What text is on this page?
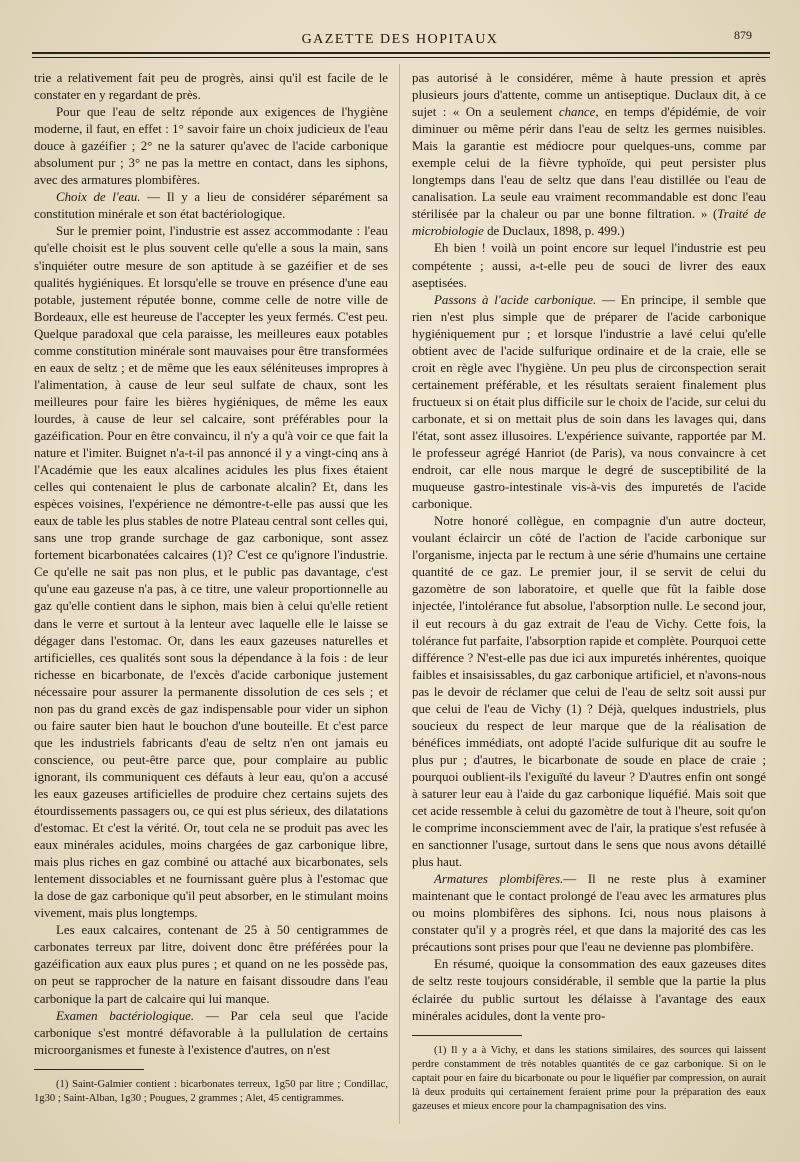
GAZETTE DES HOPITAUX	879

trie a relativement fait peu de progrès, ainsi qu'il est facile de le constater en y regardant de près.

Pour que l'eau de seltz réponde aux exigences de l'hygiène moderne, il faut, en effet : 1° savoir faire un choix judicieux de l'eau douce à gazéifier ; 2° ne la saturer qu'avec de l'acide carbonique absolument pur ; 3° ne pas la mettre en contact, dans les siphons, avec des armatures plombifères.

Choix de l'eau. — Il y a lieu de considérer séparément sa constitution minérale et son état bactériologique.

Sur le premier point, l'industrie est assez accommodante : l'eau qu'elle choisit est le plus souvent celle qu'elle a sous la main, sans s'inquiéter outre mesure de son aptitude à se gazéifier et de ses qualités hygiéniques. Et lorsqu'elle se trouve en présence d'une eau potable, justement réputée bonne, comme celle de notre ville de Bordeaux, elle est heureuse de l'accepter les yeux fermés. C'est peu. Quelque paradoxal que cela paraisse, les meilleures eaux potables comme constitution minérale sont mauvaises pour être transformées en eaux de seltz ; et de même que les eaux séléniteuses impropres à l'alimentation, à cause de leur seul sulfate de chaux, sont les meilleures pour faire les bières hygiéniques, de même les eaux lourdes, à cause de leur sel calcaire, sont préférables pour la gazéification. Pour en être convaincu, il n'y a qu'à voir ce que fait la nature et l'imiter. Buignet n'a-t-il pas annoncé il y a vingt-cinq ans à l'Académie que les eaux alcalines acidules les plus fixes étaient celles qui contenaient le plus de carbonate alcalin? Et, dans les espèces voisines, l'expérience ne démontre-t-elle pas aussi que les eaux de table les plus stables de notre Plateau central sont celles qui, sans une trop grande surchage de gaz carbonique, sont assez fortement bicarbonatées calcaires (1)? C'est ce qu'ignore l'industrie. Ce qu'elle ne sait pas non plus, et le public pas davantage, c'est qu'une eau gazeuse n'a pas, à ce titre, une valeur proportionnelle au gaz qu'elle contient dans le siphon, mais bien à celui qu'elle retient dans le verre et surtout à la lenteur avec laquelle elle le laisse se dégager dans l'estomac. Or, dans les eaux gazeuses naturelles et artificielles, ces qualités sont sous la dépendance à la fois : de leur richesse en bicarbonate, de l'excès d'acide carbonique justement nécessaire pour assurer la permanente dissolution de ces sels ; et non pas du grand excès de gaz indispensable pour vider un siphon ou faire sauter bien haut le bouchon d'une bouteille. Et c'est parce que les industriels fabricants d'eau de seltz n'en ont jamais eu conscience, ou peut-être parce que, pour complaire au public ignorant, ils communiquent ces défauts à leur eau, qu'on a accusé les eaux gazeuses artificielles de produire chez certains sujets des étourdissements passagers ou, ce qui est plus sérieux, des dilatations d'estomac. Et c'est la vérité. Or, tout cela ne se produit pas avec les eaux minérales acidules, moins chargées de gaz carbonique libre, mais plus riches en gaz combiné ou attaché aux bicarbonates, sels lentement dissociables et ne fournissant guère plus à l'estomac que la dose de gaz carbonique qu'il peut absorber, en le stimulant moins vivement, mais plus longtemps.

Les eaux calcaires, contenant de 25 à 50 centigrammes de carbonates terreux par litre, doivent donc être préférées pour la gazéification aux eaux plus pures ; et quand on ne les possède pas, on peut se rapprocher de la nature en faisant dissoudre dans l'eau carbonique la part de calcaire qui lui manque.

Examen bactériologique. — Par cela seul que l'acide carbonique s'est montré défavorable à la pullulation de certains microorganismes et funeste à l'existence d'autres, on n'est

(1) Saint-Galmier contient : bicarbonates terreux, 1g50 par litre ; Condillac, 1g30 ; Saint-Alban, 1g30 ; Pougues, 2 grammes ; Alet, 45 centigrammes.

pas autorisé à le considérer, même à haute pression et après plusieurs jours d'attente, comme un antiseptique. Duclaux dit, à ce sujet : « On a seulement chance, en temps d'épidémie, de voir diminuer ou même périr dans l'eau de seltz les germes nuisibles. Mais la garantie est médiocre pour quelques-uns, comme par exemple celui de la fièvre typhoïde, qui peut persister plus longtemps dans l'eau de seltz que dans l'eau distillée ou l'eau de canalisation. La seule eau vraiment recommandable est donc l'eau stérilisée par la chaleur ou par une bonne filtration. » (Traité de microbiologie de Duclaux, 1898, p. 499.)

Eh bien ! voilà un point encore sur lequel l'industrie est peu compétente ; aussi, a-t-elle peu de souci de livrer des eaux aseptisées.

Passons à l'acide carbonique. — En principe, il semble que rien n'est plus simple que de préparer de l'acide carbonique hygiéniquement pur ; et lorsque l'industrie a lavé celui qu'elle obtient avec de l'acide sulfurique ordinaire et de la craie, elle se croit en règle avec l'hygiène. Un peu plus de circonspection serait certainement préférable, et les résultats seraient finalement plus fructueux si on était plus difficile sur le choix de l'acide, sur celui du carbonate, et si on mettait plus de soin dans les lavages qui, dans l'état, sont assez illusoires. L'expérience suivante, rapportée par M. le professeur agrégé Hanriot (de Paris), va nous convaincre à cet endroit, car elle nous marque le degré de susceptibilité de la muqueuse gastro-intestinale vis-à-vis des impuretés de l'acide carbonique.

Notre honoré collègue, en compagnie d'un autre docteur, voulant éclaircir un côté de l'action de l'acide carbonique sur l'organisme, injecta par le rectum à une série d'humains une certaine quantité de ce gaz. Le premier jour, il se servit de celui du gazomètre de son laboratoire, et quelle que fût la faible dose injectée, l'intolérance fut absolue, l'absorption nulle. Le second jour, il eut recours à du gaz extrait de l'eau de Vichy. Cette fois, la tolérance fut parfaite, l'absorption rapide et complète. Pourquoi cette différence ? N'est-elle pas due ici aux impuretés inhérentes, quoique faibles et insaisissables, du gaz carbonique artificiel, et n'avons-nous pas le devoir de réclamer que celui de l'eau de seltz soit aussi pur que celui de l'eau de Vichy (1) ? Déjà, quelques industriels, plus soucieux du respect de leur marque que de la réalisation de bénéfices immédiats, ont adopté l'acide sulfurique dit au soufre le plus pur ; d'autres, le bicarbonate de soude en place de craie ; pourquoi oublient-ils l'exiguïté du laveur ? D'autres enfin ont songé à saturer leur eau à l'aide du gaz carbonique liquéfié. Mais soit que cet acide ressemble à celui du gazomètre de tout à l'heure, soit qu'on le comprime inconsciemment avec de l'air, la pratique s'est refusée à en sanctionner l'usage, surtout dans le sens que nous avons détaillé plus haut.

Armatures plombifères.— Il ne reste plus à examiner maintenant que le contact prolongé de l'eau avec les armatures plus ou moins plombifères des siphons. Ici, nous nous plaisons à constater qu'il y a progrès réel, et que dans la majorité des cas les précautions sont prises pour que l'eau ne devienne pas plombifère.

En résumé, quoique la consommation des eaux gazeuses dites de seltz reste toujours considérable, il semble que la partie la plus éclairée du public surtout les délaisse à l'avantage des eaux minérales acidules, dont la vente pro-

(1) Il y a à Vichy, et dans les stations similaires, des sources qui laissent perdre constamment de très notables quantités de ce gaz carbonique. Si on le captait pour en faire du bicarbonate ou pour le liquéfier par compression, on aurait là deux produits qui certainement feraient prime pour la préparation des eaux gazeuses et mieux encore pour la champagnisation des vins.
